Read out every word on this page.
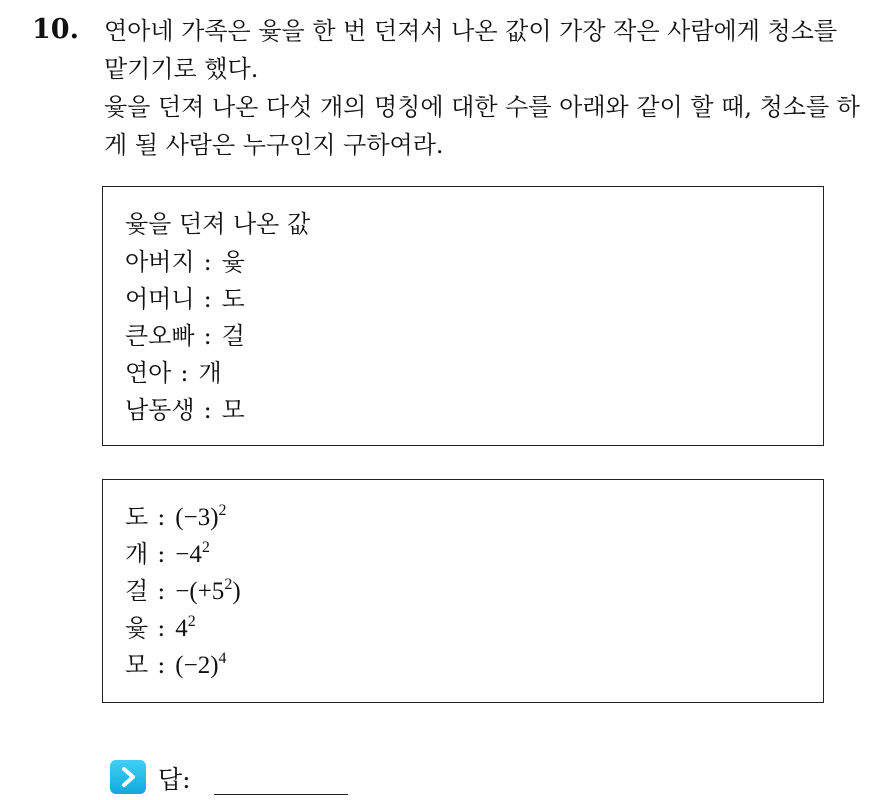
10. 연아네 가족은 윷을 한 번 던져서 나온 값이 가장 작은 사람에게 청소를 맡기기로 했다.

윷을 던져 나온 다섯 개의 명칭에 대한 수를 아래와 같이 할 때, 청소를 하게 될 사람은 누구인지 구하여라.

윷을 던져 나온 값
아버지 : 윷
어머니 : 도
큰오빠 : 걸
연아 : 개
남동생 : 모
도 : $(-3)^2$
개 : $-4^2$
걸 : $-(+5^2)$
윷 : $4^2$
모 : $(-2)^4$
답:
